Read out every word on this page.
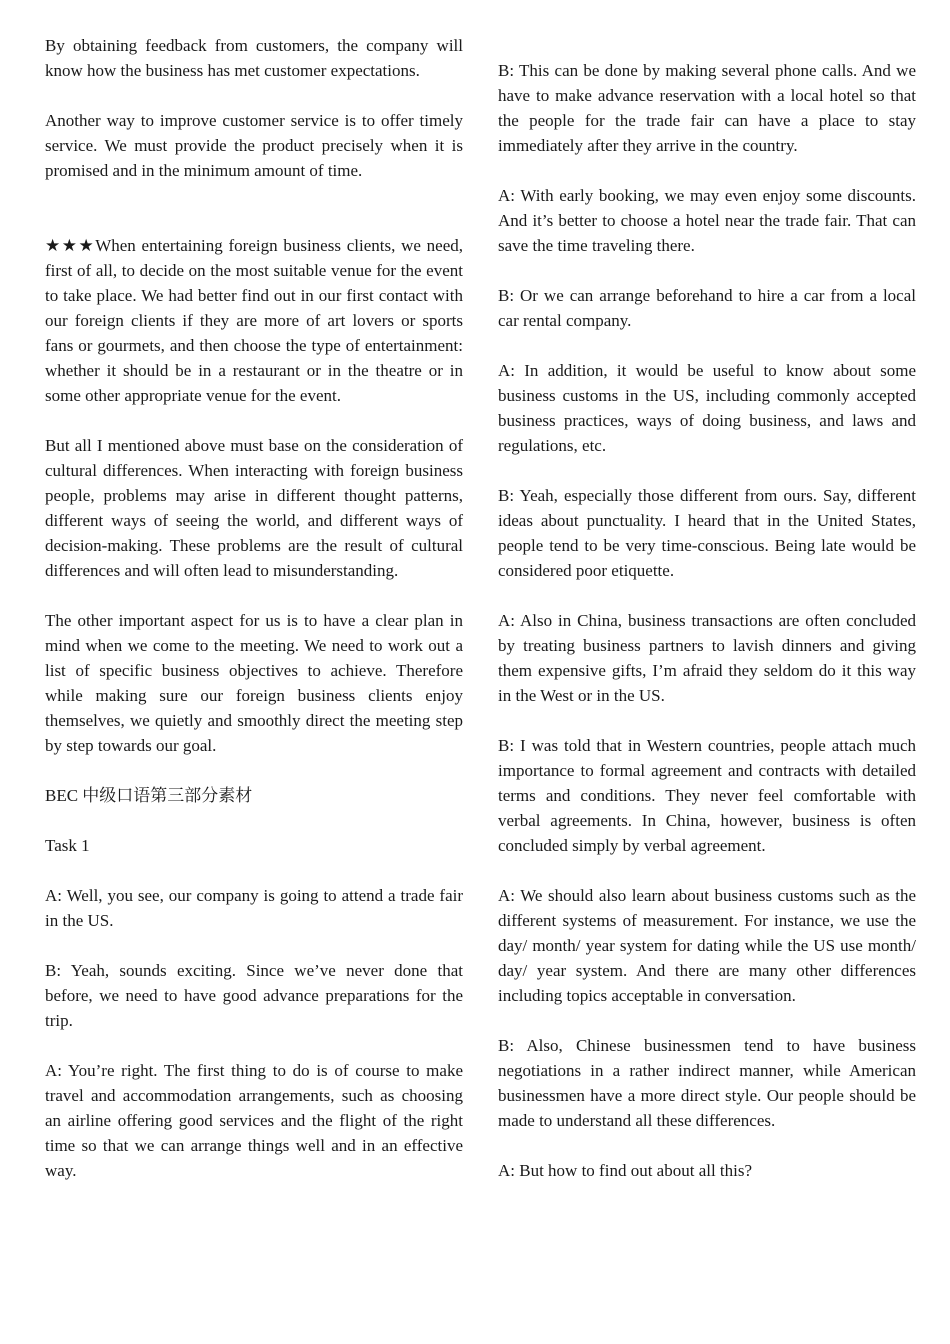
By obtaining feedback from customers, the company will know how the business has met customer expectations.

Another way to improve customer service is to offer timely service. We must provide the product precisely when it is promised and in the minimum amount of time.

★★★When entertaining foreign business clients, we need, first of all, to decide on the most suitable venue for the event to take place. We had better find out in our first contact with our foreign clients if they are more of art lovers or sports fans or gourmets, and then choose the type of entertainment: whether it should be in a restaurant or in the theatre or in some other appropriate venue for the event.

But all I mentioned above must base on the consideration of cultural differences. When interacting with foreign business people, problems may arise in different thought patterns, different ways of seeing the world, and different ways of decision-making. These problems are the result of cultural differences and will often lead to misunderstanding.

The other important aspect for us is to have a clear plan in mind when we come to the meeting. We need to work out a list of specific business objectives to achieve. Therefore while making sure our foreign business clients enjoy themselves, we quietly and smoothly direct the meeting step by step towards our goal.

BEC 中级口语第三部分素材

Task 1

A: Well, you see, our company is going to attend a trade fair in the US.

B: Yeah, sounds exciting. Since we’ve never done that before, we need to have good advance preparations for the trip.

A: You’re right. The first thing to do is of course to make travel and accommodation arrangements, such as choosing an airline offering good services and the flight of the right time so that we can arrange things well and in an effective way.

B: This can be done by making several phone calls. And we have to make advance reservation with a local hotel so that the people for the trade fair can have a place to stay immediately after they arrive in the country.

A: With early booking, we may even enjoy some discounts. And it’s better to choose a hotel near the trade fair. That can save the time traveling there.

B: Or we can arrange beforehand to hire a car from a local car rental company.

A: In addition, it would be useful to know about some business customs in the US, including commonly accepted business practices, ways of doing business, and laws and regulations, etc.

B: Yeah, especially those different from ours. Say, different ideas about punctuality. I heard that in the United States, people tend to be very time-conscious. Being late would be considered poor etiquette.

A: Also in China, business transactions are often concluded by treating business partners to lavish dinners and giving them expensive gifts, I’m afraid they seldom do it this way in the West or in the US.

B: I was told that in Western countries, people attach much importance to formal agreement and contracts with detailed terms and conditions. They never feel comfortable with verbal agreements. In China, however, business is often concluded simply by verbal agreement.

A: We should also learn about business customs such as the different systems of measurement. For instance, we use the day/ month/ year system for dating while the US use month/ day/ year system. And there are many other differences including topics acceptable in conversation.

B: Also, Chinese businessmen tend to have business negotiations in a rather indirect manner, while American businessmen have a more direct style. Our people should be made to understand all these differences.

A: But how to find out about all this?
